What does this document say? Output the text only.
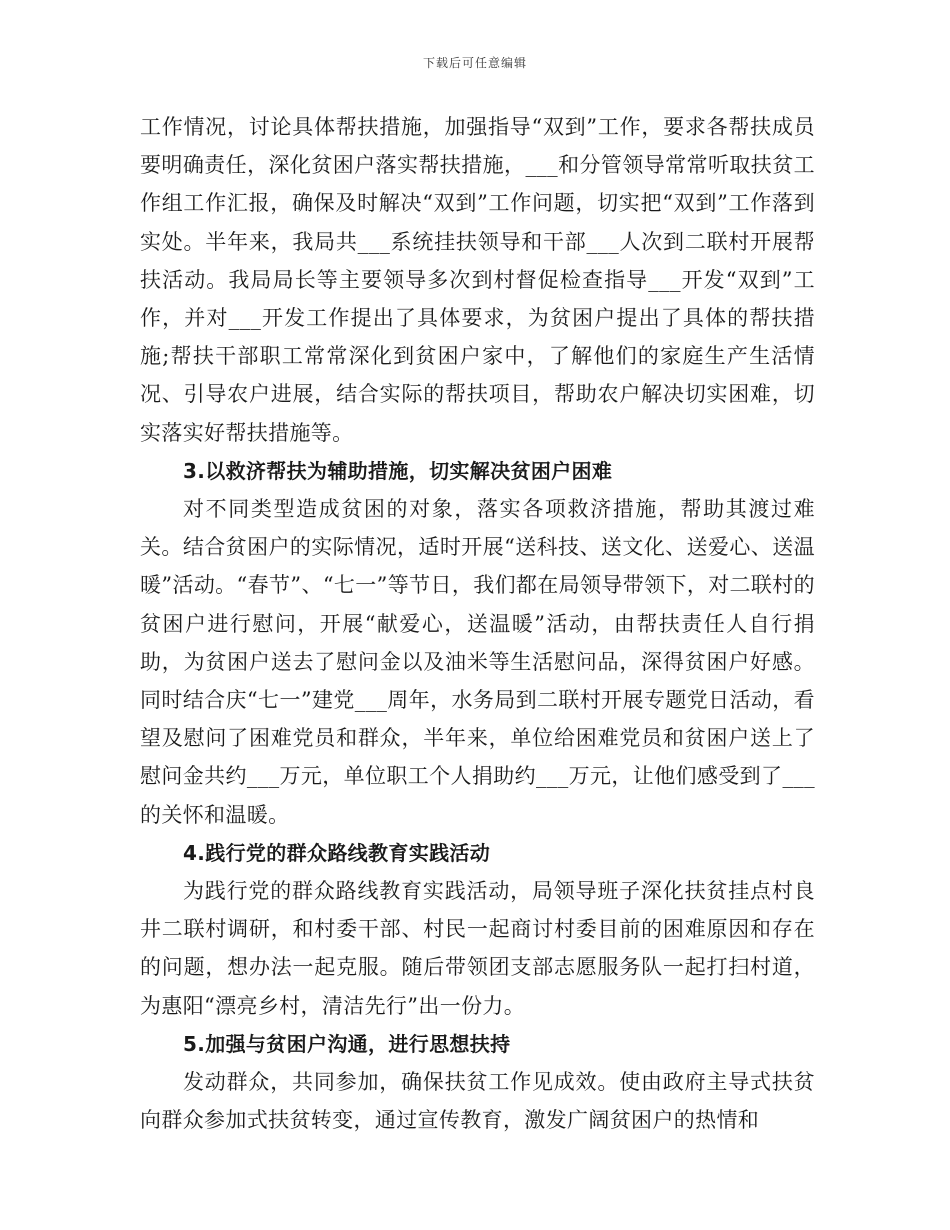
下载后可任意编辑

工作情况，讨论具体帮扶措施，加强指导“双到”工作，要求各帮扶成员要明确责任，深化贫困户落实帮扶措施，___和分管领导常常听取扶贫工作组工作汇报，确保及时解决“双到”工作问题，切实把“双到”工作落到实处。半年来，我局共___系统挂扶领导和干部___人次到二联村开展帮扶活动。我局局长等主要领导多次到村督促检查指导___开发“双到”工作，并对___开发工作提出了具体要求，为贫困户提出了具体的帮扶措施;帮扶干部职工常常深化到贫困户家中，了解他们的家庭生产生活情况、引导农户进展，结合实际的帮扶项目，帮助农户解决切实困难，切实落实好帮扶措施等。

3.以救济帮扶为辅助措施，切实解决贫困户困难

对不同类型造成贫困的对象，落实各项救济措施，帮助其渡过难关。结合贫困户的实际情况，适时开展“送科技、送文化、送爱心、送温暖”活动。“春节”、“七一”等节日，我们都在局领导带领下，对二联村的贫困户进行慰问，开展“献爱心，送温暖”活动，由帮扶责任人自行捐助，为贫困户送去了慰问金以及油米等生活慰问品，深得贫困户好感。同时结合庆“七一”建党___周年，水务局到二联村开展专题党日活动，看望及慰问了困难党员和群众，半年来，单位给困难党员和贫困户送上了慰问金共约___万元，单位职工个人捐助约___万元，让他们感受到了___的关怀和温暖。

4.践行党的群众路线教育实践活动

为践行党的群众路线教育实践活动，局领导班子深化扶贫挂点村良井二联村调研，和村委干部、村民一起商讨村委目前的困难原因和存在的问题，想办法一起克服。随后带领团支部志愿服务队一起打扫村道，为惠阳“漂亮乡村，清洁先行”出一份力。

5.加强与贫困户沟通，进行思想扶持

发动群众，共同参加，确保扶贫工作见成效。使由政府主导式扶贫向群众参加式扶贫转变，通过宣传教育，激发广阔贫困户的热情和
